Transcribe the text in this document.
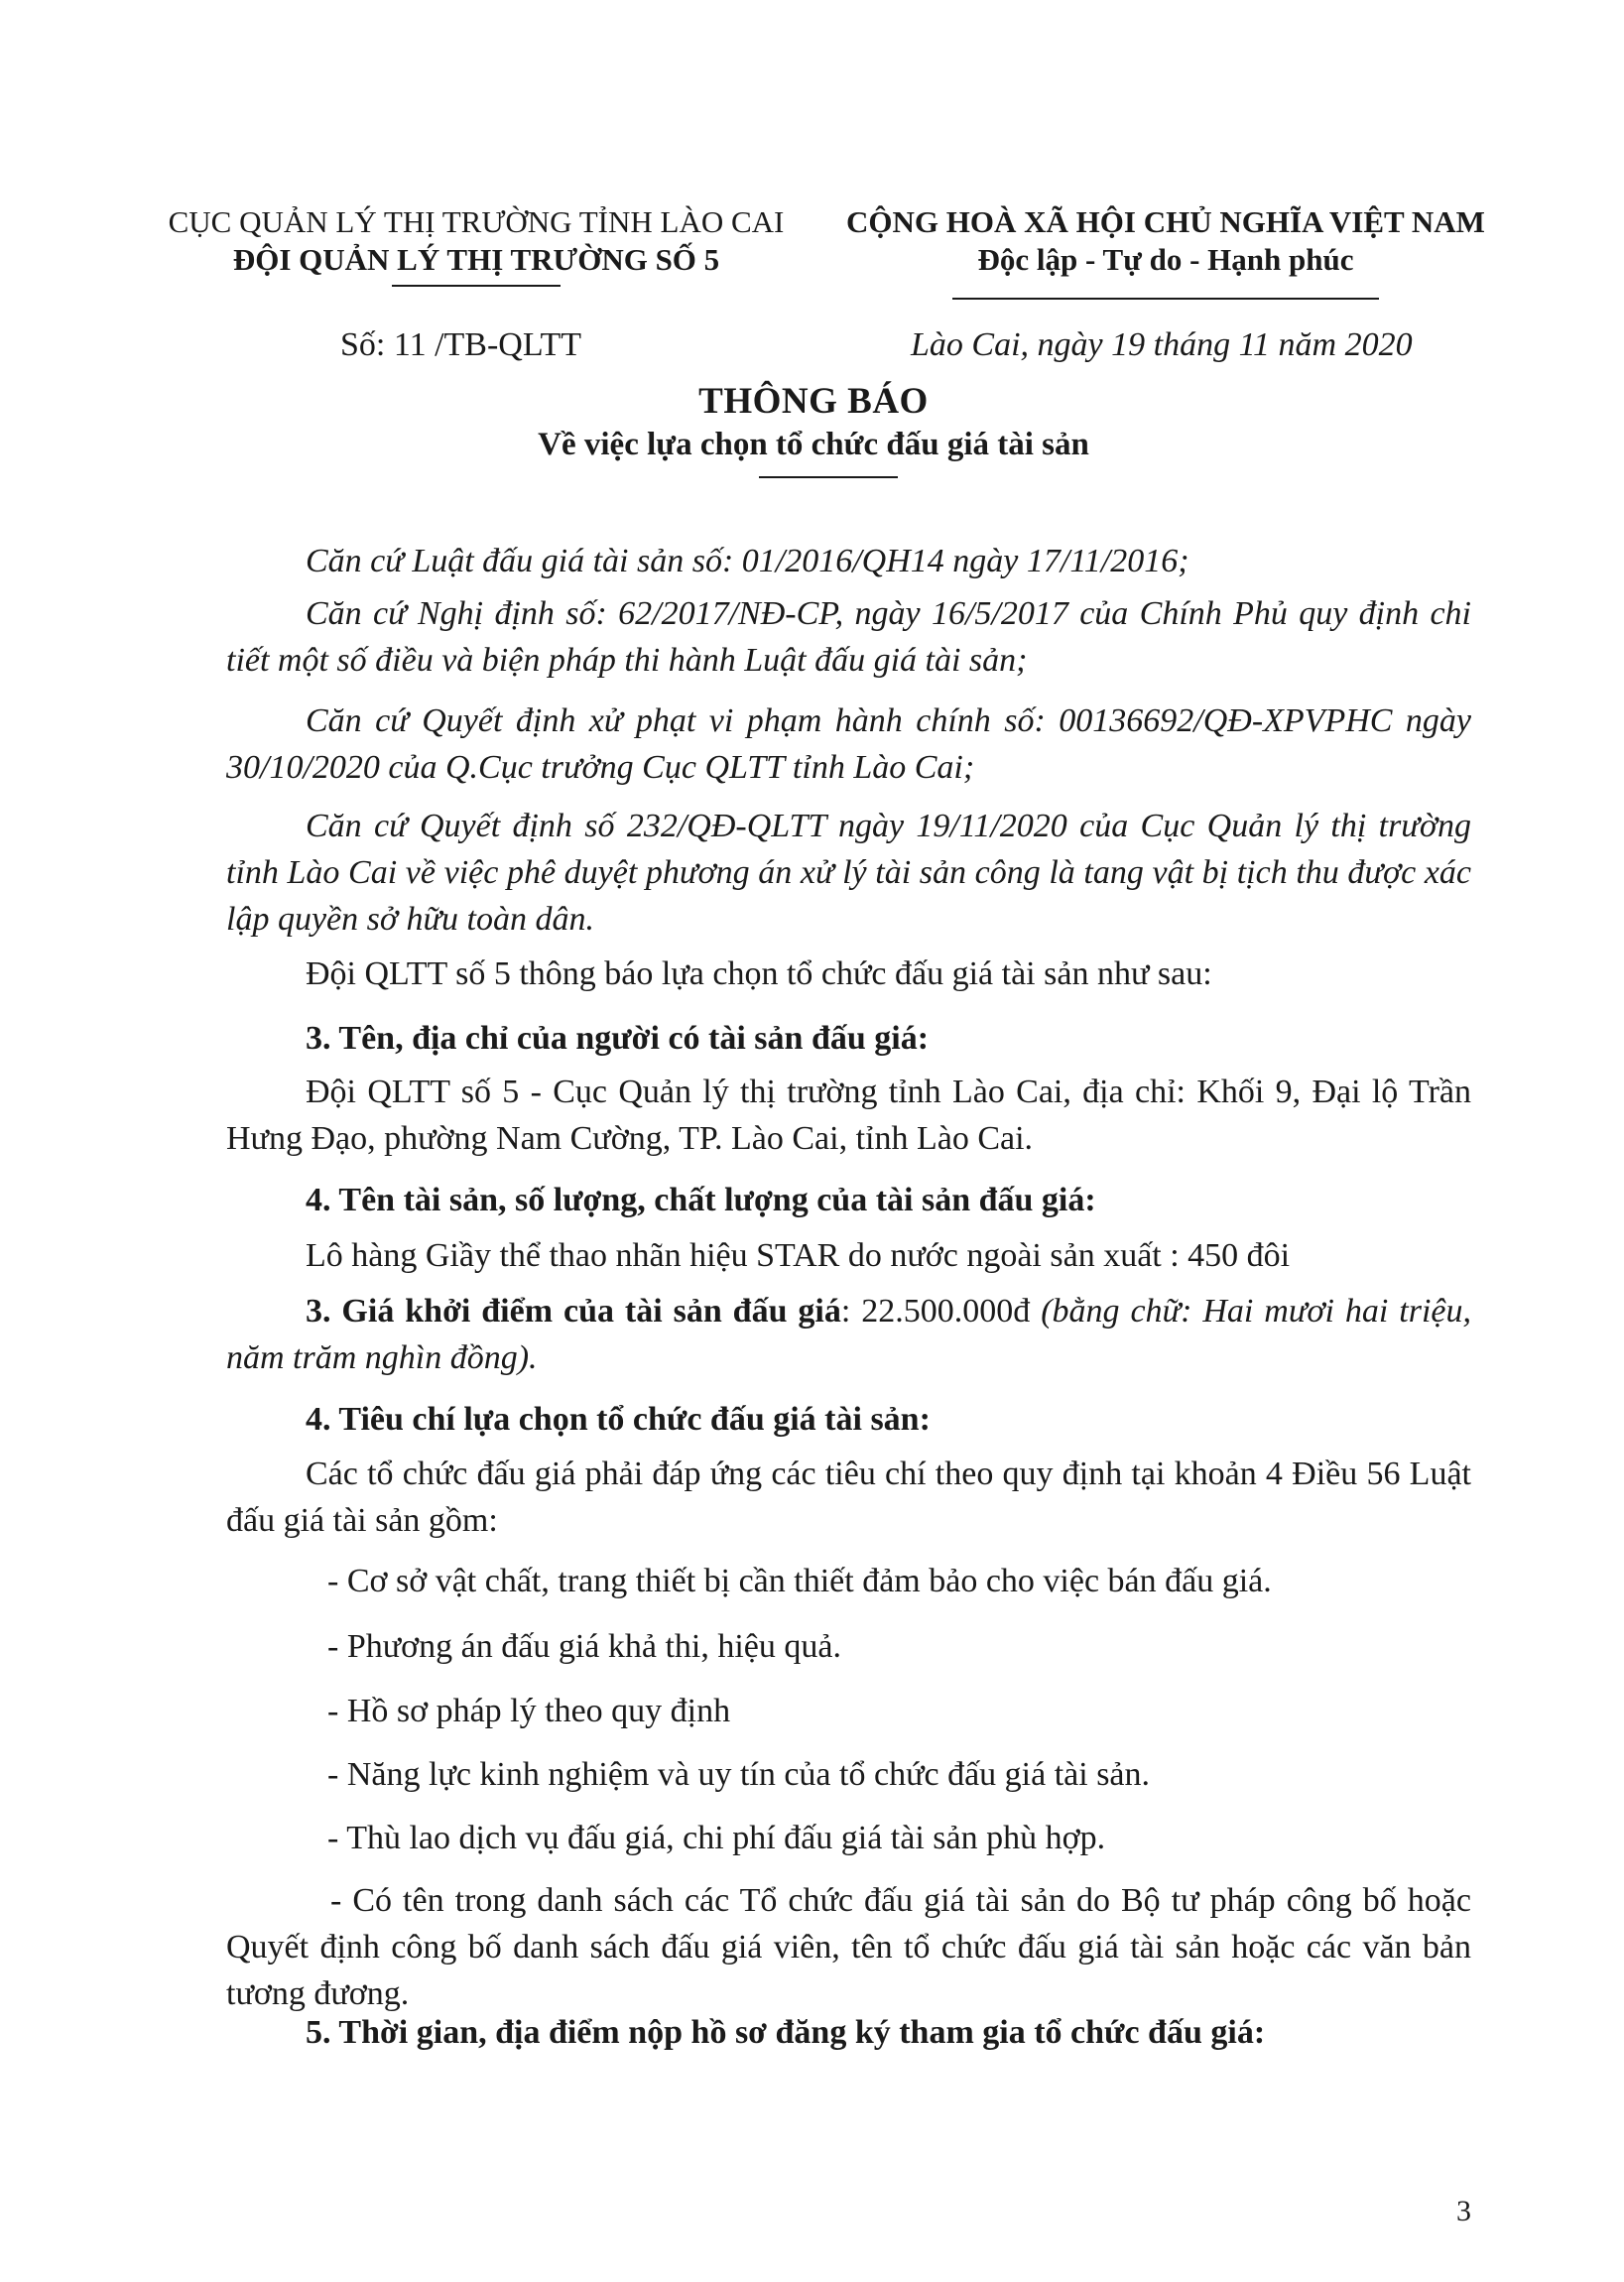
CỤC QUẢN LÝ THỊ TRƯỜNG TỈNH LÀO CAI
ĐỘI QUẢN LÝ THỊ TRƯỜNG SỐ 5
CỘNG HOÀ XÃ HỘI CHỦ NGHĨA VIỆT NAM
Độc lập - Tự do - Hạnh phúc
Số: 11 /TB-QLTT	Lào Cai, ngày 19 tháng 11 năm 2020
THÔNG BÁO
Về việc lựa chọn tổ chức đấu giá tài sản
Căn cứ Luật đấu giá tài sản số: 01/2016/QH14 ngày 17/11/2016;
Căn cứ Nghị định số: 62/2017/NĐ-CP, ngày 16/5/2017 của Chính Phủ quy định chi tiết một số điều và biện pháp thi hành Luật đấu giá tài sản;
Căn cứ Quyết định xử phạt vi phạm hành chính số: 00136692/QĐ-XPVPHC ngày 30/10/2020 của Q.Cục trưởng Cục QLTT tỉnh Lào Cai;
Căn cứ Quyết định số 232/QĐ-QLTT ngày 19/11/2020 của Cục Quản lý thị trường tỉnh Lào Cai về việc phê duyệt phương án xử lý tài sản công là tang vật bị tịch thu được xác lập quyền sở hữu toàn dân.
Đội QLTT số 5 thông báo lựa chọn tổ chức đấu giá tài sản như sau:
3. Tên, địa chỉ của người có tài sản đấu giá:
Đội QLTT số 5 - Cục Quản lý thị trường tỉnh Lào Cai, địa chỉ: Khối 9, Đại lộ Trần Hưng Đạo, phường Nam Cường, TP. Lào Cai, tỉnh Lào Cai.
4. Tên tài sản, số lượng, chất lượng của tài sản đấu giá:
Lô hàng Giầy thể thao nhãn hiệu STAR do nước ngoài sản xuất : 450 đôi
3. Giá khởi điểm của tài sản đấu giá: 22.500.000đ (bằng chữ: Hai mươi hai triệu, năm trăm nghìn đồng).
4. Tiêu chí lựa chọn tổ chức đấu giá tài sản:
Các tổ chức đấu giá phải đáp ứng các tiêu chí theo quy định tại khoản 4 Điều 56 Luật đấu giá tài sản gồm:
- Cơ sở vật chất, trang thiết bị cần thiết đảm bảo cho việc bán đấu giá.
- Phương án đấu giá khả thi, hiệu quả.
- Hồ sơ pháp lý theo quy định
- Năng lực kinh nghiệm và uy tín của tổ chức đấu giá tài sản.
- Thù lao dịch vụ đấu giá, chi phí đấu giá tài sản phù hợp.
- Có tên trong danh sách các Tổ chức đấu giá tài sản do Bộ tư pháp công bố hoặc Quyết định công bố danh sách đấu giá viên, tên tổ chức đấu giá tài sản hoặc các văn bản tương đương.
5. Thời gian, địa điểm nộp hồ sơ đăng ký tham gia tổ chức đấu giá:
3
